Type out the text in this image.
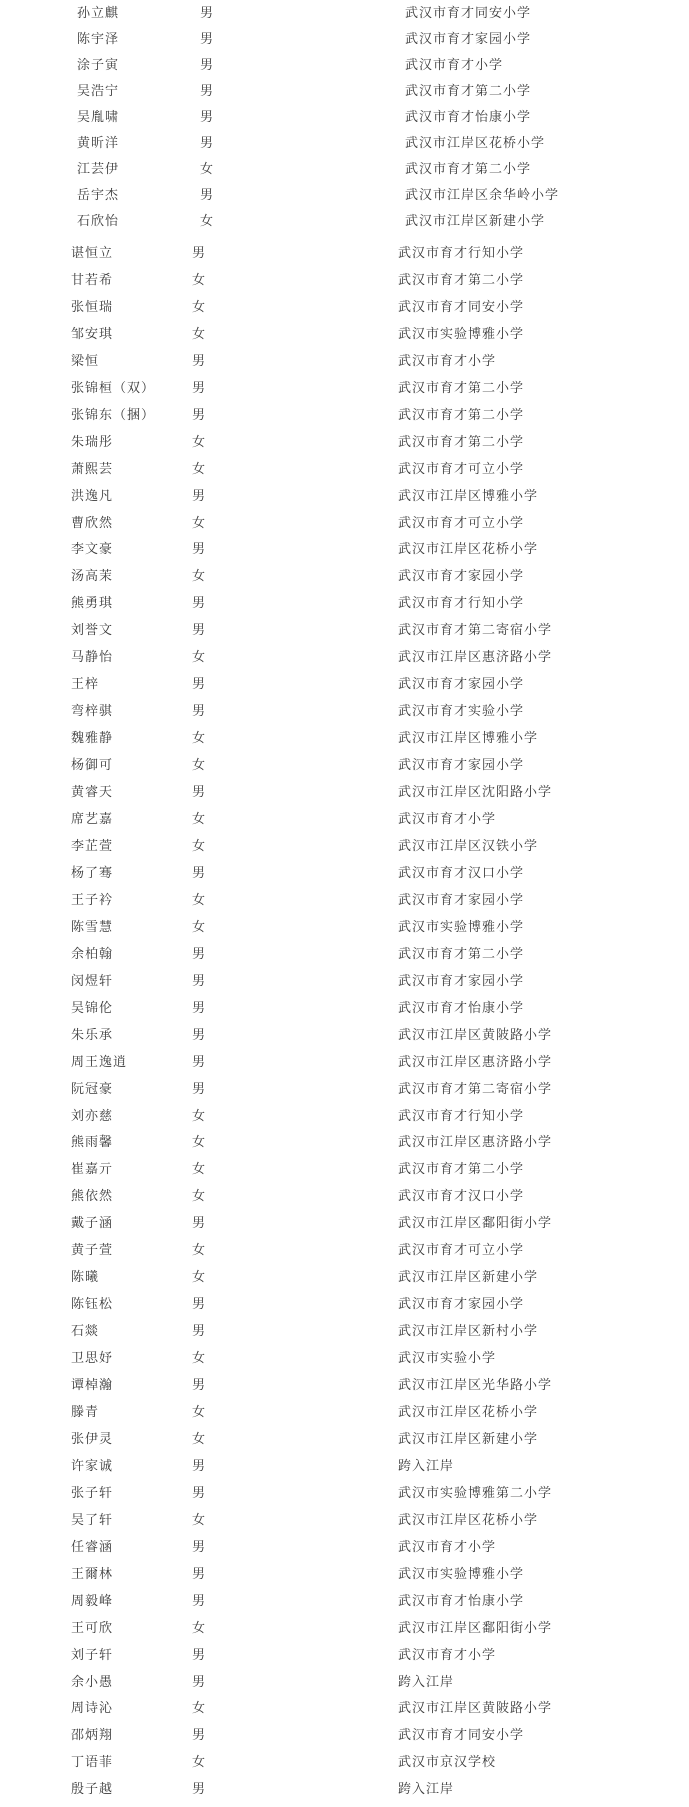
孙立麒	男	武汉市育才同安小学
陈宇泽	男	武汉市育才家园小学
涂子寅	男	武汉市育才小学
吴浩宁	男	武汉市育才第二小学
吴胤啸	男	武汉市育才怡康小学
黄昕洋	男	武汉市江岸区花桥小学
江芸伊	女	武汉市育才第二小学
岳宇杰	男	武汉市江岸区余华岭小学
石欣怡	女	武汉市江岸区新建小学
谌恒立	男	武汉市育才行知小学
甘若希	女	武汉市育才第二小学
张恒瑞	女	武汉市育才同安小学
邹安琪	女	武汉市实验博雅小学
梁恒	男	武汉市育才小学
张锦桓（双）	男	武汉市育才第二小学
张锦东（捆）	男	武汉市育才第二小学
朱瑞彤	女	武汉市育才第二小学
萧熙芸	女	武汉市育才可立小学
洪逸凡	男	武汉市江岸区博雅小学
曹欣然	女	武汉市育才可立小学
李文豪	男	武汉市江岸区花桥小学
汤高茉	女	武汉市育才家园小学
熊勇琪	男	武汉市育才行知小学
刘誉文	男	武汉市育才第二寄宿小学
马静怡	女	武汉市江岸区惠济路小学
王梓	男	武汉市育才家园小学
弯梓骐	男	武汉市育才实验小学
魏雅静	女	武汉市江岸区博雅小学
杨御可	女	武汉市育才家园小学
黄睿天	男	武汉市江岸区沈阳路小学
席艺嘉	女	武汉市育才小学
李芷萱	女	武汉市江岸区汉铁小学
杨了骞	男	武汉市育才汉口小学
王子衿	女	武汉市育才家园小学
陈雪慧	女	武汉市实验博雅小学
余柏翰	男	武汉市育才第二小学
闵煜轩	男	武汉市育才家园小学
吴锦伦	男	武汉市育才怡康小学
朱乐承	男	武汉市江岸区黄陂路小学
周王逸逍	男	武汉市江岸区惠济路小学
阮冠豪	男	武汉市育才第二寄宿小学
刘亦慈	女	武汉市育才行知小学
熊雨馨	女	武汉市江岸区惠济路小学
崔嘉亓	女	武汉市育才第二小学
熊依然	女	武汉市育才汉口小学
戴子涵	男	武汉市江岸区鄱阳街小学
黄子萱	女	武汉市育才可立小学
陈曦	女	武汉市江岸区新建小学
陈钰松	男	武汉市育才家园小学
石燚	男	武汉市江岸区新村小学
卫思妤	女	武汉市实验小学
谭棹瀚	男	武汉市江岸区光华路小学
滕青	女	武汉市江岸区花桥小学
张伊灵	女	武汉市江岸区新建小学
许家诚	男	跨入江岸
张子轩	男	武汉市实验博雅第二小学
吴了轩	女	武汉市江岸区花桥小学
任睿涵	男	武汉市育才小学
王爾林	男	武汉市实验博雅小学
周毅峰	男	武汉市育才怡康小学
王可欣	女	武汉市江岸区鄱阳街小学
刘子轩	男	武汉市育才小学
余小愚	男	跨入江岸
周诗沁	女	武汉市江岸区黄陂路小学
邵炳翔	男	武汉市育才同安小学
丁语菲	女	武汉市京汉学校
殷子越	男	跨入江岸
